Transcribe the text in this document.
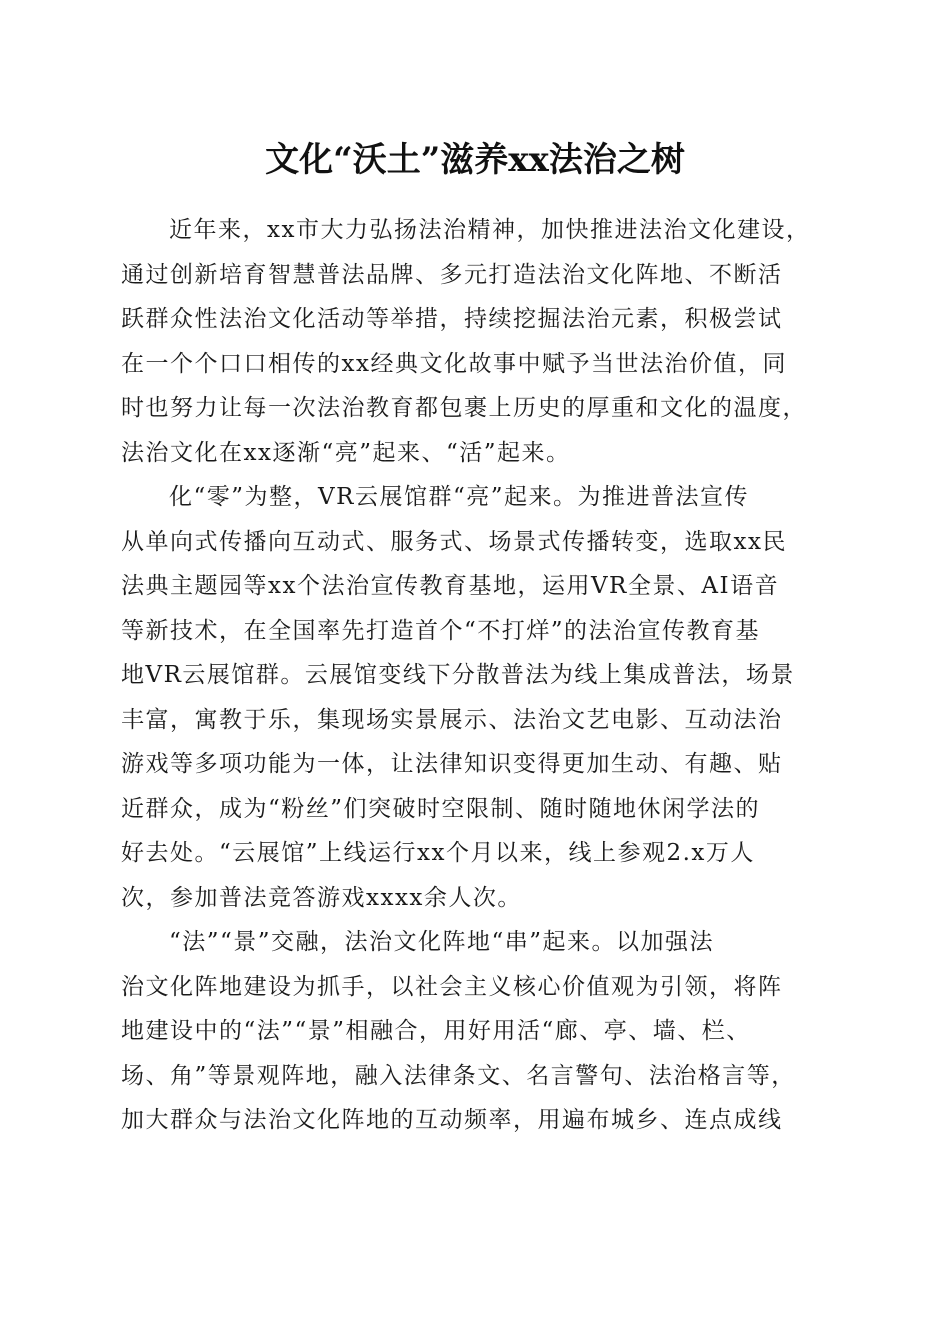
文化“沃土”滋养xx法治之树
近年来，xx市大力弘扬法治精神，加快推进法治文化建设，
通过创新培育智慧普法品牌、多元打造法治文化阵地、不断活
跃群众性法治文化活动等举措，持续挖掘法治元素，积极尝试
在一个个口口相传的xx经典文化故事中赋予当世法治价值，同
时也努力让每一次法治教育都包裹上历史的厚重和文化的温度，
法治文化在xx逐渐“亮”起来、“活”起来。
化“零”为整，VR云展馆群“亮”起来。为推进普法宣传
从单向式传播向互动式、服务式、场景式传播转变，选取xx民
法典主题园等xx个法治宣传教育基地，运用VR全景、AI语音
等新技术，在全国率先打造首个“不打烊”的法治宣传教育基
地VR云展馆群。云展馆变线下分散普法为线上集成普法，场景
丰富，寓教于乐，集现场实景展示、法治文艺电影、互动法治
游戏等多项功能为一体，让法律知识变得更加生动、有趣、贴
近群众，成为“粉丝”们突破时空限制、随时随地休闲学法的
好去处。“云展馆”上线运行xx个月以来，线上参观2.x万人
次，参加普法竞答游戏xxxx余人次。
“法”“景”交融，法治文化阵地“串”起来。以加强法
治文化阵地建设为抓手，以社会主义核心价值观为引领，将阵
地建设中的“法”“景”相融合，用好用活“廊、亭、墙、栏、
场、角”等景观阵地，融入法律条文、名言警句、法治格言等，
加大群众与法治文化阵地的互动频率，用遍布城乡、连点成线
